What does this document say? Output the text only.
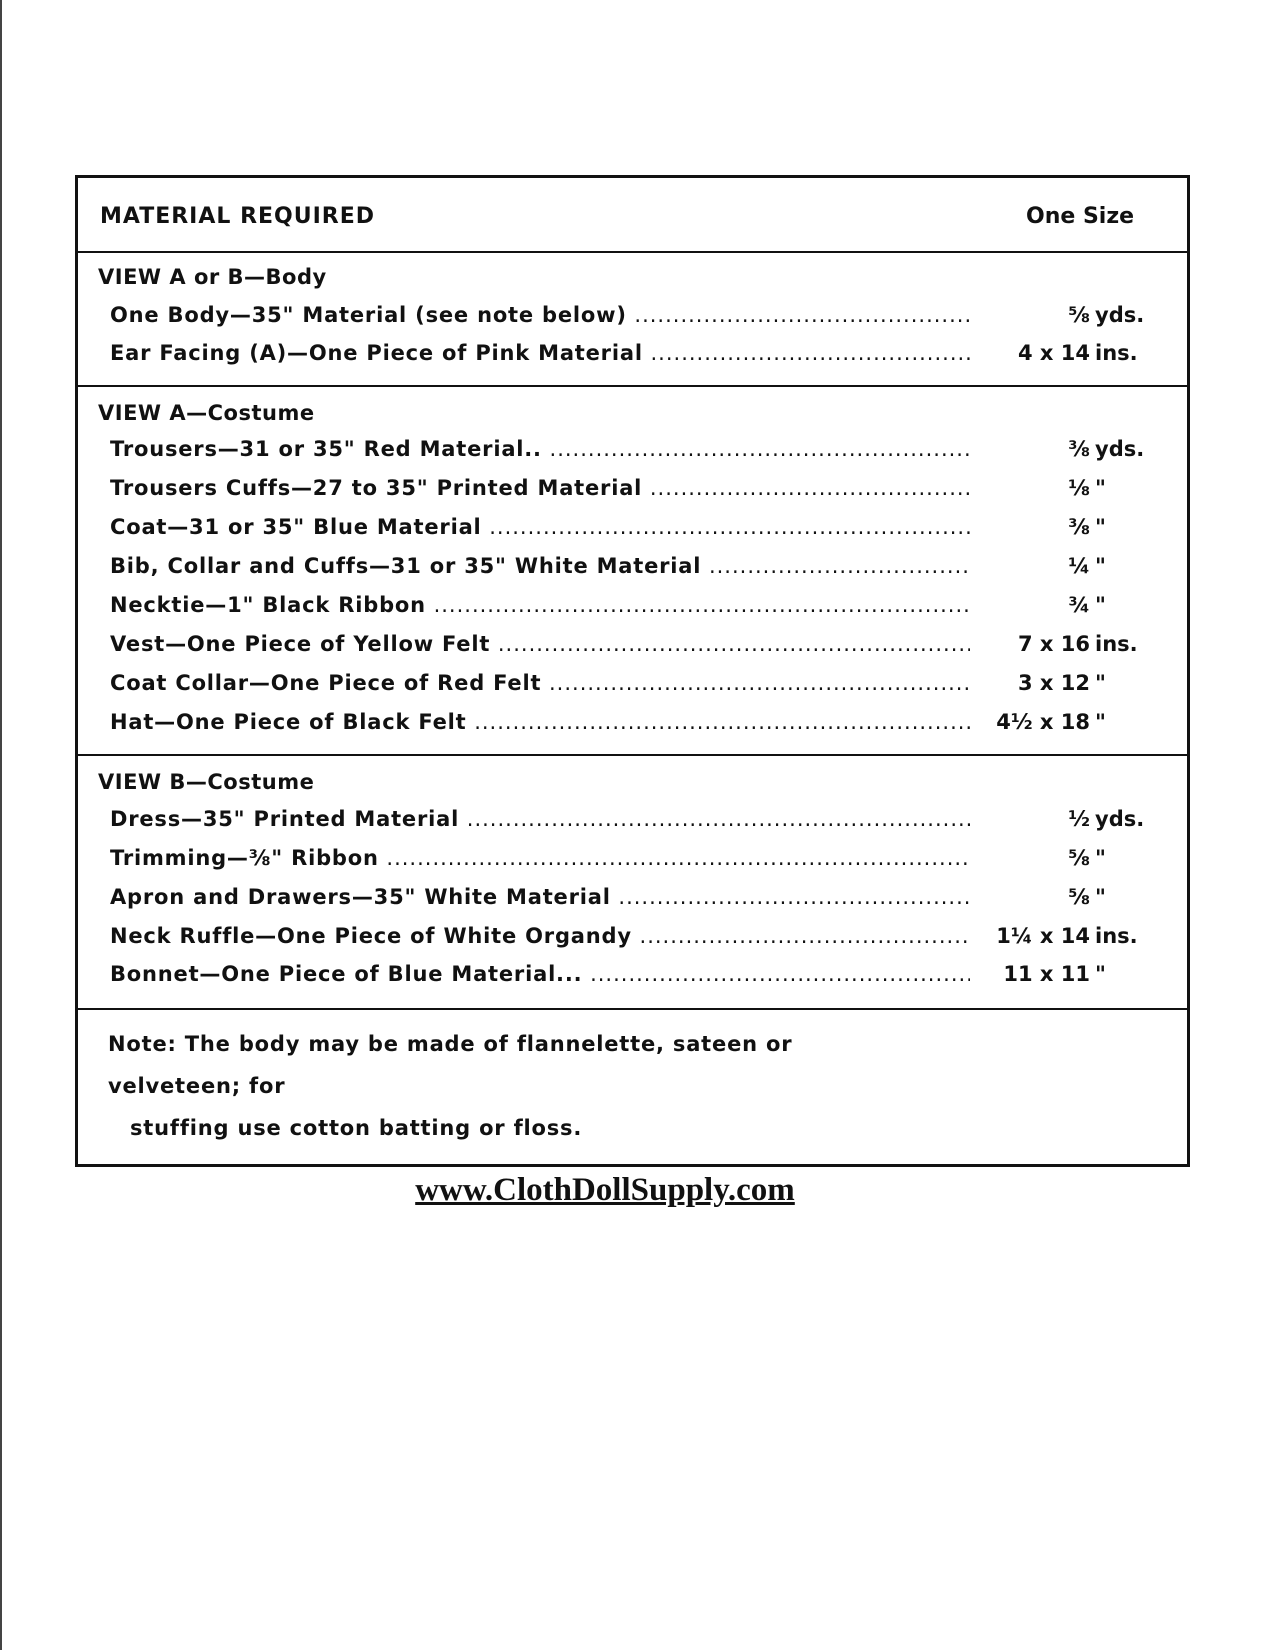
MATERIAL REQUIRED	One Size
VIEW A or B—Body
One Body—35" Material (see note below) .....	⅝ yds.
Ear Facing (A)—One Piece of Pink Material .....	4 x 14 ins.
VIEW A—Costume
Trousers—31 or 35" Red Material.. .....	⅜ yds.
Trousers Cuffs—27 to 35" Printed Material .....	⅛ "
Coat—31 or 35" Blue Material .....	⅜ "
Bib, Collar and Cuffs—31 or 35" White Material .....	¼ "
Necktie—1" Black Ribbon .....	¾ "
Vest—One Piece of Yellow Felt .....	7 x 16 ins.
Coat Collar—One Piece of Red Felt .....	3 x 12 "
Hat—One Piece of Black Felt .....	4½ x 18 "
VIEW B—Costume
Dress—35" Printed Material .....	½ yds.
Trimming—⅜" Ribbon .....	⅝ "
Apron and Drawers—35" White Material .....	⅝ "
Neck Ruffle—One Piece of White Organdy .....	1¼ x 14 ins.
Bonnet—One Piece of Blue Material... .....	11 x 11 "
Note: The body may be made of flannelette, sateen or velveteen; for
stuffing use cotton batting or floss.
www.ClothDollSupply.com
